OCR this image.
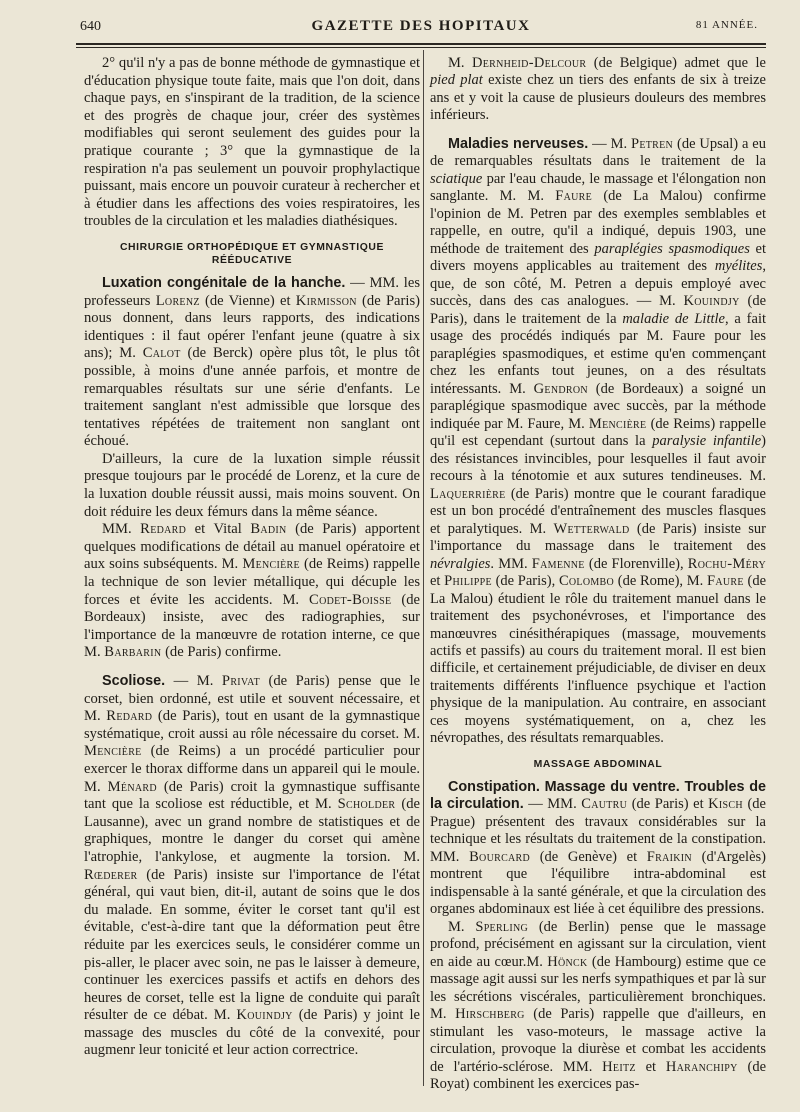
640	GAZETTE DES HOPITAUX	81 ANNÉE.

2° qu'il n'y a pas de bonne méthode de gymnastique et d'éducation physique toute faite, mais que l'on doit, dans chaque pays, en s'inspirant de la tradition, de la science et des progrès de chaque jour, créer des systèmes modifiables qui seront seulement des guides pour la pratique courante ; 3° que la gymnastique de la respiration n'a pas seulement un pouvoir prophylactique puissant, mais encore un pouvoir curateur à rechercher et à étudier dans les affections des voies respiratoires, les troubles de la circulation et les maladies diathésiques.

CHIRURGIE ORTHOPÉDIQUE ET GYMNASTIQUE
RÉÉDUCATIVE

Luxation congénitale de la hanche. — MM. les professeurs Lorenz (de Vienne) et Kirmisson (de Paris) nous donnent, dans leurs rapports, des indications identiques : il faut opérer l'enfant jeune (quatre à six ans); M. Calot (de Berck) opère plus tôt, le plus tôt possible, à moins d'une année parfois, et montre de remarquables résultats sur une série d'enfants. Le traitement sanglant n'est admissible que lorsque des tentatives répétées de traitement non sanglant ont échoué.

D'ailleurs, la cure de la luxation simple réussit presque toujours par le procédé de Lorenz, et la cure de la luxation double réussit aussi, mais moins souvent. On doit réduire les deux fémurs dans la même séance.

MM. Redard et Vital Badin (de Paris) apportent quelques modifications de détail au manuel opératoire et aux soins subséquents. M. Mencière (de Reims) rappelle la technique de son levier métallique, qui décuple les forces et évite les accidents. M. Codet-Boisse (de Bordeaux) insiste, avec des radiographies, sur l'importance de la manœuvre de rotation interne, ce que M. Barbarin (de Paris) confirme.

Scoliose. — M. Privat (de Paris) pense que le corset, bien ordonné, est utile et souvent nécessaire, et M. Redard (de Paris), tout en usant de la gymnastique systématique, croit aussi au rôle nécessaire du corset. M. Mencière (de Reims) a un procédé particulier pour exercer le thorax difforme dans un appareil qui le moule. M. Ménard (de Paris) croit la gymnastique suffisante tant que la scoliose est réductible, et M. Scholder (de Lausanne), avec un grand nombre de statistiques et de graphiques, montre le danger du corset qui amène l'atrophie, l'ankylose, et augmente la torsion. M. Rœderer (de Paris) insiste sur l'importance de l'état général, qui vaut bien, dit-il, autant de soins que le dos du malade. En somme, éviter le corset tant qu'il est évitable, c'est-à-dire tant que la déformation peut être réduite par les exercices seuls, le considérer comme un pis-aller, le placer avec soin, ne pas le laisser à demeure, continuer les exercices passifs et actifs en dehors des heures de corset, telle est la ligne de conduite qui paraît résulter de ce débat. M. Kouindjy (de Paris) y joint le massage des muscles du côté de la convexité, pour augmenr leur tonicité et leur action correctrice.

M. Dernheid-Delcour (de Belgique) admet que le pied plat existe chez un tiers des enfants de six à treize ans et y voit la cause de plusieurs douleurs des membres inférieurs.

Maladies nerveuses. — M. Petren (de Upsal) a eu de remarquables résultats dans le traitement de la sciatique par l'eau chaude, le massage et l'élongation non sanglante. M. M. Faure (de La Malou) confirme l'opinion de M. Petren par des exemples semblables et rappelle, en outre, qu'il a indiqué, depuis 1903, une méthode de traitement des paraplégies spasmodiques et divers moyens applicables au traitement des myélites, que, de son côté, M. Petren a depuis employé avec succès, dans des cas analogues. — M. Kouindjy (de Paris), dans le traitement de la maladie de Little, a fait usage des procédés indiqués par M. Faure pour les paraplégies spasmodiques, et estime qu'en commençant chez les enfants tout jeunes, on a des résultats intéressants. M. Gendron (de Bordeaux) a soigné un paraplégique spasmodique avec succès, par la méthode indiquée par M. Faure, M. Mencière (de Reims) rappelle qu'il est cependant (surtout dans la paralysie infantile) des résistances invincibles, pour lesquelles il faut avoir recours à la ténotomie et aux sutures tendineuses. M. Laquerrière (de Paris) montre que le courant faradique est un bon procédé d'entraînement des muscles flasques et paralytiques. M. Wetterwald (de Paris) insiste sur l'importance du massage dans le traitement des névralgies. MM. Famenne (de Florenville), Rochu-Méry et Philippe (de Paris), Colombo (de Rome), M. Faure (de La Malou) étudient le rôle du traitement manuel dans le traitement des psychonévroses, et l'importance des manœuvres cinésithérapiques (massage, mouvements actifs et passifs) au cours du traitement moral. Il est bien difficile, et certainement préjudiciable, de diviser en deux traitements différents l'influence psychique et l'action physique de la manipulation. Au contraire, en associant ces moyens systématiquement, on a, chez les névropathes, des résultats remarquables.

MASSAGE ABDOMINAL

Constipation. Massage du ventre. Troubles de la circulation. — MM. Cautru (de Paris) et Kisch (de Prague) présentent des travaux considérables sur la technique et les résultats du traitement de la constipation. MM. Bourcard (de Genève) et Fraikin (d'Argelès) montrent que l'équilibre intra-abdominal est indispensable à la santé générale, et que la circulation des organes abdominaux est liée à cet équilibre des pressions.

M. Sperling (de Berlin) pense que le massage profond, précisément en agissant sur la circulation, vient en aide au cœur.M. Hönck (de Hambourg) estime que ce massage agit aussi sur les nerfs sympathiques et par là sur les sécrétions viscérales, particulièrement bronchiques. M. Hirschberg (de Paris) rappelle que d'ailleurs, en stimulant les vaso-moteurs, le massage active la circulation, provoque la diurèse et combat les accidents de l'artério-sclérose. MM. Heitz et Haranchipy (de Royat) combinent les exercices pas-
